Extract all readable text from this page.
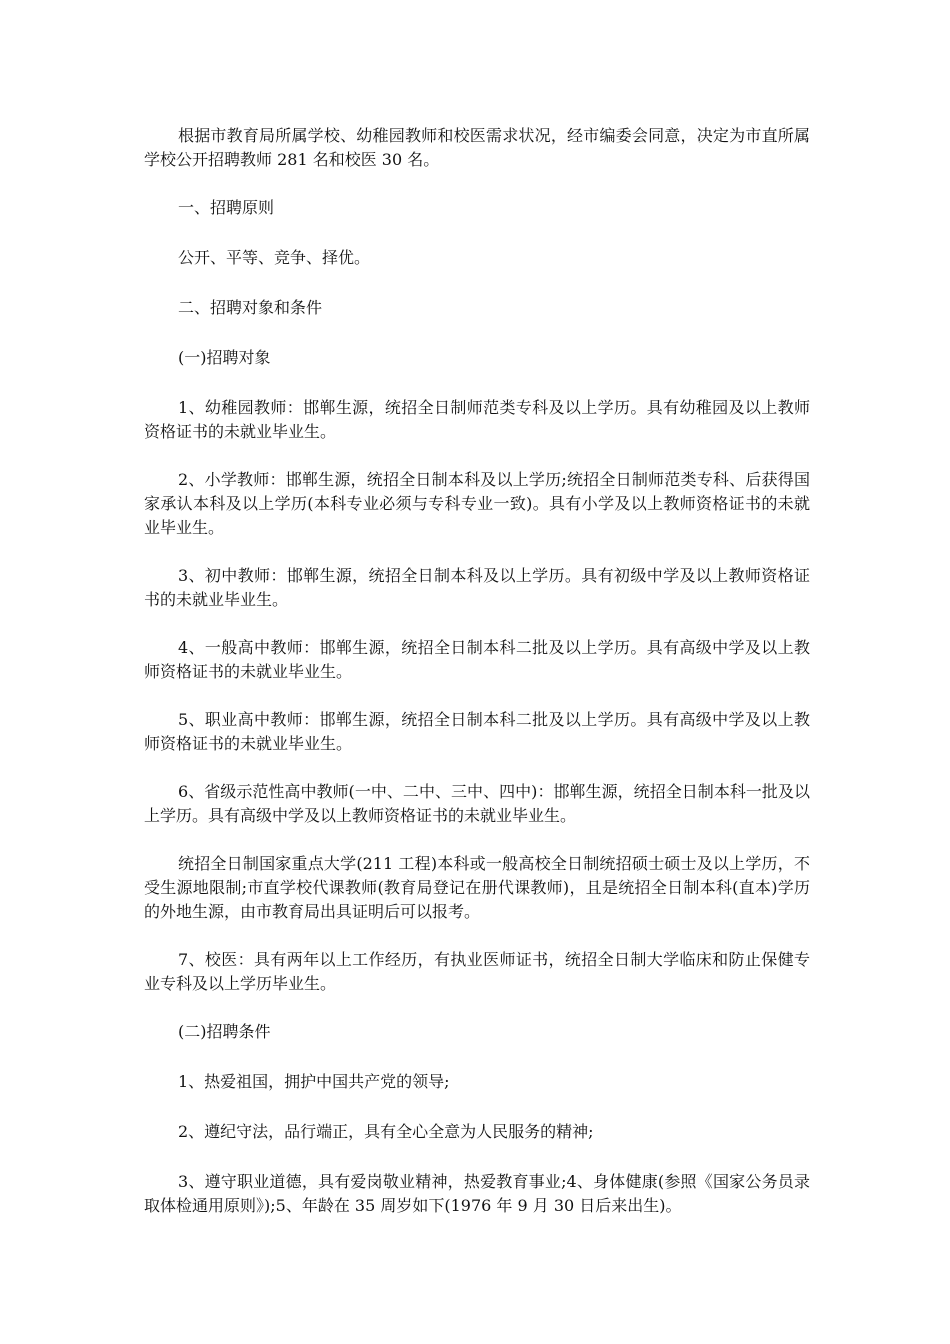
根据市教育局所属学校、幼稚园教师和校医需求状况，经市编委会同意，决定为市直所属学校公开招聘教师 281 名和校医 30 名。

一、招聘原则

公开、平等、竞争、择优。

二、招聘对象和条件

(一)招聘对象

1、幼稚园教师：邯郸生源，统招全日制师范类专科及以上学历。具有幼稚园及以上教师资格证书的未就业毕业生。

2、小学教师：邯郸生源，统招全日制本科及以上学历;统招全日制师范类专科、后获得国家承认本科及以上学历(本科专业必须与专科专业一致)。具有小学及以上教师资格证书的未就业毕业生。

3、初中教师：邯郸生源，统招全日制本科及以上学历。具有初级中学及以上教师资格证书的未就业毕业生。

4、一般高中教师：邯郸生源，统招全日制本科二批及以上学历。具有高级中学及以上教师资格证书的未就业毕业生。

5、职业高中教师：邯郸生源，统招全日制本科二批及以上学历。具有高级中学及以上教师资格证书的未就业毕业生。

6、省级示范性高中教师(一中、二中、三中、四中)：邯郸生源，统招全日制本科一批及以上学历。具有高级中学及以上教师资格证书的未就业毕业生。

统招全日制国家重点大学(211 工程)本科或一般高校全日制统招硕士硕士及以上学历，不受生源地限制;市直学校代课教师(教育局登记在册代课教师)，且是统招全日制本科(直本)学历的外地生源，由市教育局出具证明后可以报考。

7、校医：具有两年以上工作经历，有执业医师证书，统招全日制大学临床和防止保健专业专科及以上学历毕业生。

(二)招聘条件

1、热爱祖国，拥护中国共产党的领导;

2、遵纪守法，品行端正，具有全心全意为人民服务的精神;

3、遵守职业道德，具有爱岗敬业精神，热爱教育事业;4、身体健康(参照《国家公务员录取体检通用原则》);5、年龄在 35 周岁如下(1976 年 9 月 30 日后来出生)。
